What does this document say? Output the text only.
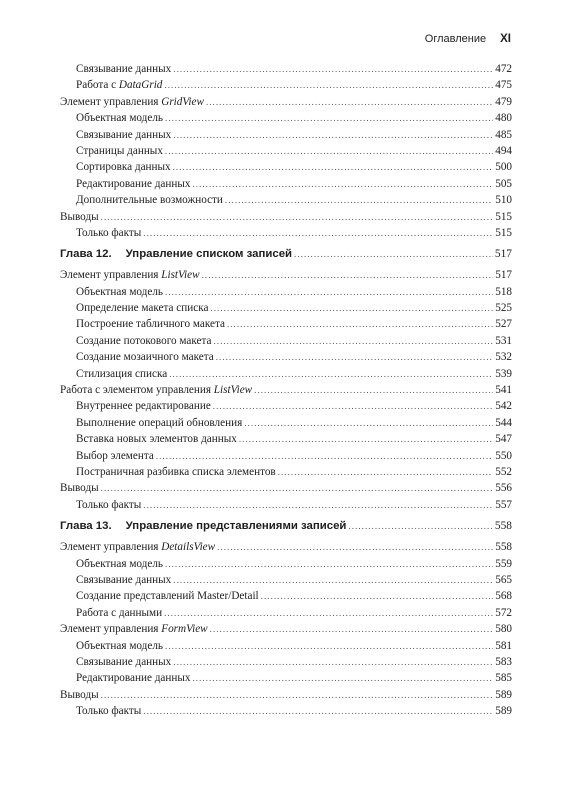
Оглавление XI
Связывание данных . . .	472
Работа с DataGrid . . .	475
Элемент управления GridView . . .	479
Объектная модель . . .	480
Связывание данных . . .	485
Страницы данных . . .	494
Сортировка данных . . .	500
Редактирование данных . . .	505
Дополнительные возможности . . .	510
Выводы . . .	515
Только факты . . .	515
Глава 12. Управление списком записей . . .	517
Элемент управления ListView . . .	517
Объектная модель . . .	518
Определение макета списка . . .	525
Построение табличного макета . . .	527
Создание потокового макета . . .	531
Создание мозаичного макета . . .	532
Стилизация списка . . .	539
Работа с элементом управления ListView . . .	541
Внутреннее редактирование . . .	542
Выполнение операций обновления . . .	544
Вставка новых элементов данных . . .	547
Выбор элемента . . .	550
Постраничная разбивка списка элементов . . .	552
Выводы . . .	556
Только факты . . .	557
Глава 13. Управление представлениями записей . . .	558
Элемент управления DetailsView . . .	558
Объектная модель . . .	559
Связывание данных . . .	565
Создание представлений Master/Detail . . .	568
Работа с данными . . .	572
Элемент управления FormView . . .	580
Объектная модель . . .	581
Связывание данных . . .	583
Редактирование данных . . .	585
Выводы . . .	589
Только факты . . .	589
